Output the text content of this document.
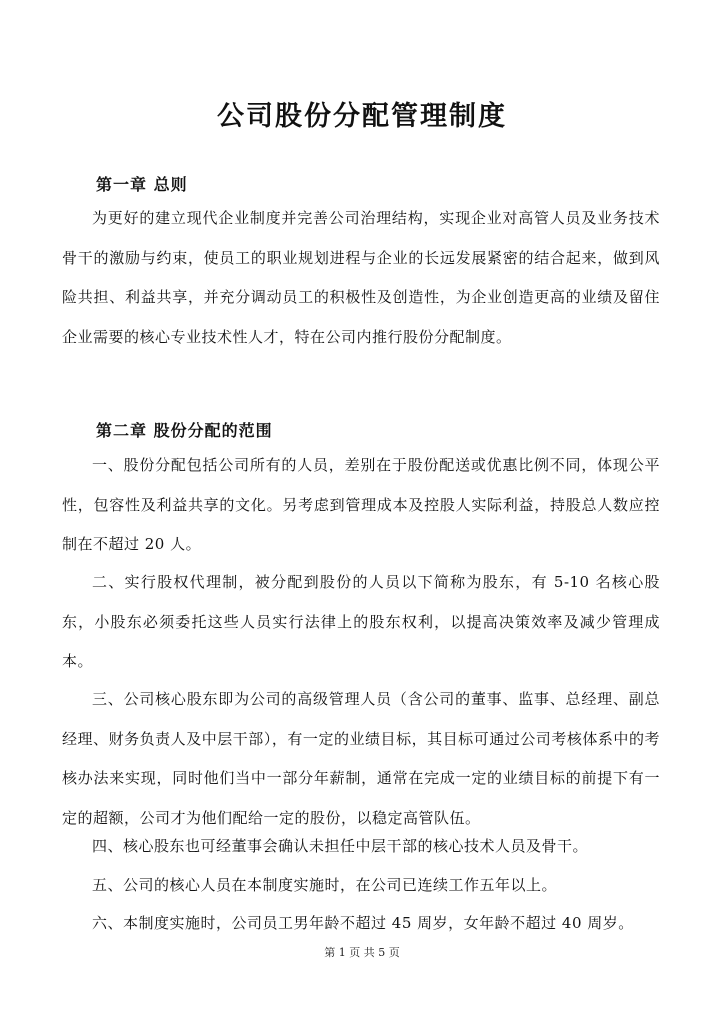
公司股份分配管理制度
第一章 总则
为更好的建立现代企业制度并完善公司治理结构，实现企业对高管人员及业务技术骨干的激励与约束，使员工的职业规划进程与企业的长远发展紧密的结合起来，做到风险共担、利益共享，并充分调动员工的积极性及创造性，为企业创造更高的业绩及留住企业需要的核心专业技术性人才，特在公司内推行股份分配制度。
第二章 股份分配的范围
一、股份分配包括公司所有的人员，差别在于股份配送或优惠比例不同，体现公平性，包容性及利益共享的文化。另考虑到管理成本及控股人实际利益，持股总人数应控制在不超过 20 人。
二、实行股权代理制，被分配到股份的人员以下简称为股东，有 5-10 名核心股东，小股东必须委托这些人员实行法律上的股东权利，以提高决策效率及减少管理成本。
三、公司核心股东即为公司的高级管理人员（含公司的董事、监事、总经理、副总经理、财务负责人及中层干部），有一定的业绩目标，其目标可通过公司考核体系中的考核办法来实现，同时他们当中一部分年薪制，通常在完成一定的业绩目标的前提下有一定的超额，公司才为他们配给一定的股份，以稳定高管队伍。
四、核心股东也可经董事会确认未担任中层干部的核心技术人员及骨干。
五、公司的核心人员在本制度实施时，在公司已连续工作五年以上。
六、本制度实施时，公司员工男年龄不超过 45 周岁，女年龄不超过 40 周岁。
第 1 页 共 5 页
